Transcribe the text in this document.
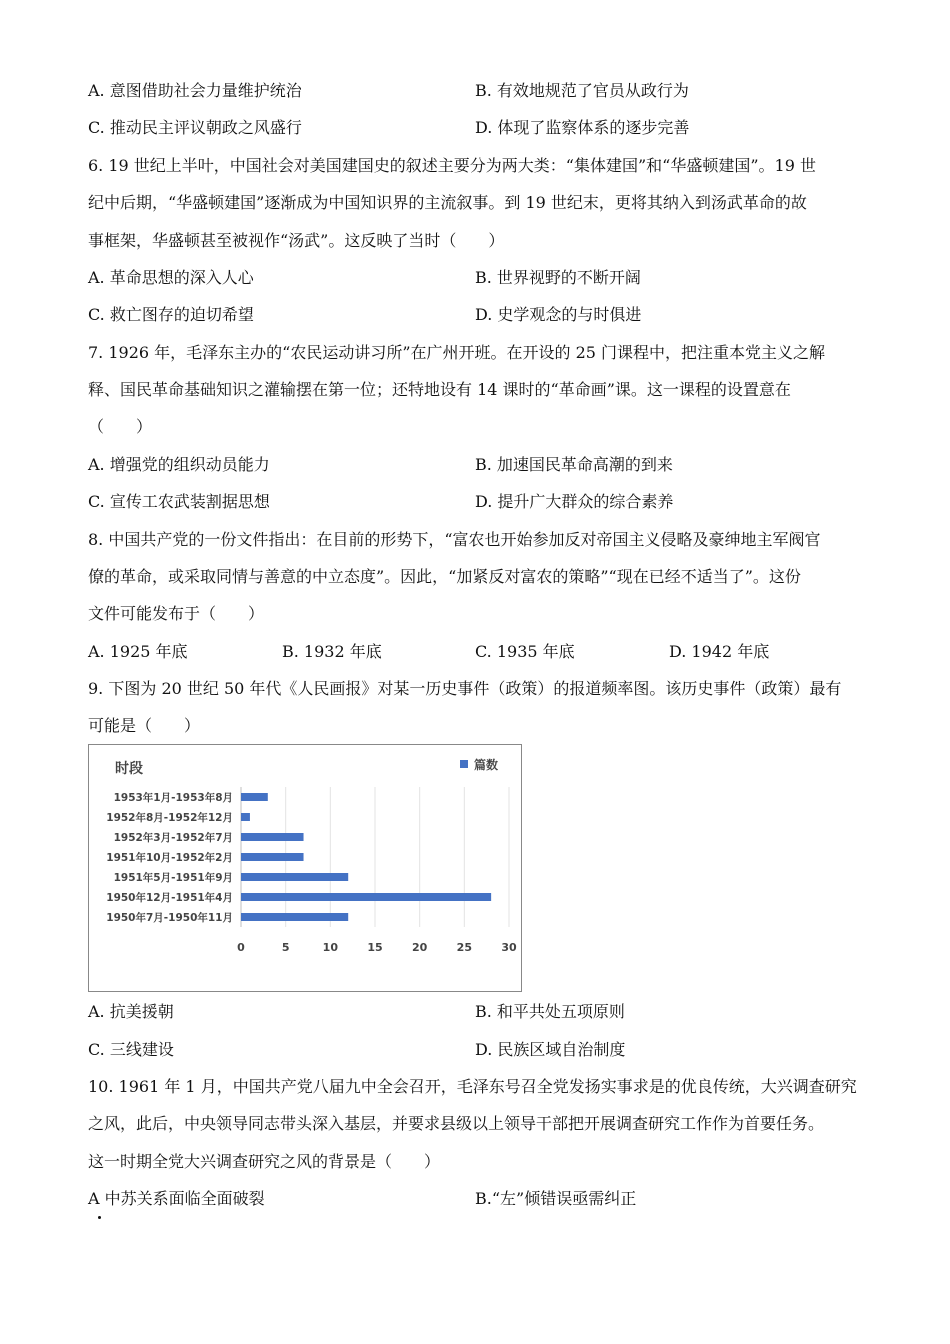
A. 意图借助社会力量维护统治	B. 有效地规范了官员从政行为
C. 推动民主评议朝政之风盛行	D. 体现了监察体系的逐步完善
6. 19 世纪上半叶，中国社会对美国建国史的叙述主要分为两大类：“集体建国”和“华盛顿建国”。19 世
纪中后期，“华盛顿建国”逐渐成为中国知识界的主流叙事。到 19 世纪末，更将其纳入到汤武革命的故
事框架，华盛顿甚至被视作“汤武”。这反映了当时（　　）
A. 革命思想的深入人心	B. 世界视野的不断开阔
C. 救亡图存的迫切希望	D. 史学观念的与时俱进
7. 1926 年，毛泽东主办的“农民运动讲习所”在广州开班。在开设的 25 门课程中，把注重本党主义之解
释、国民革命基础知识之灌输摆在第一位；还特地设有 14 课时的“革命画”课。这一课程的设置意在
（　　）
A. 增强党的组织动员能力	B. 加速国民革命高潮的到来
C. 宣传工农武装割据思想	D. 提升广大群众的综合素养
8. 中国共产党的一份文件指出：在目前的形势下，“富农也开始参加反对帝国主义侵略及豪绅地主军阀官
僚的革命，或采取同情与善意的中立态度”。因此，“加紧反对富农的策略”“现在已经不适当了”。这份
文件可能发布于（　　）
A. 1925 年底	B. 1932 年底	C. 1935 年底	D. 1942 年底
9. 下图为 20 世纪 50 年代《人民画报》对某一历史事件（政策）的报道频率图。该历史事件（政策）最有
可能是（　　）
时段	篇数
1953年1月-1953年8月
1952年8月-1952年12月
1952年3月-1952年7月
1951年10月-1952年2月
1951年5月-1951年9月
1950年12月-1951年4月
1950年7月-1950年11月
0	5	10	15	20	25	30
A. 抗美援朝	B. 和平共处五项原则
C. 三线建设	D. 民族区域自治制度
10. 1961 年 1 月，中国共产党八届九中全会召开，毛泽东号召全党发扬实事求是的优良传统，大兴调查研究
之风，此后，中央领导同志带头深入基层，并要求县级以上领导干部把开展调查研究工作作为首要任务。
这一时期全党大兴调查研究之风的背景是（　　）
A 中苏关系面临全面破裂	B.“左”倾错误亟需纠正
